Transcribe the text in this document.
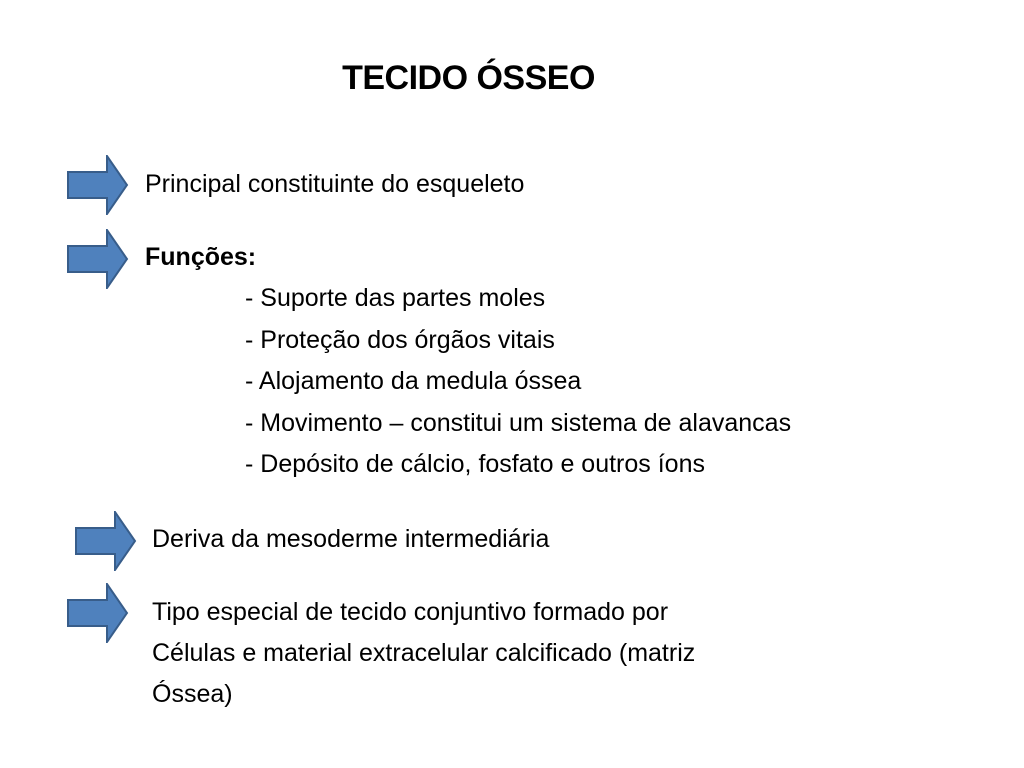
TECIDO ÓSSEO
Principal constituinte do esqueleto
Funções:
- Suporte das partes moles
- Proteção dos órgãos vitais
- Alojamento da medula óssea
- Movimento – constitui um sistema de alavancas
- Depósito de cálcio, fosfato e outros íons
Deriva da mesoderme intermediária
Tipo especial de tecido conjuntivo formado por
Células e material extracelular calcificado (matriz
Óssea)
